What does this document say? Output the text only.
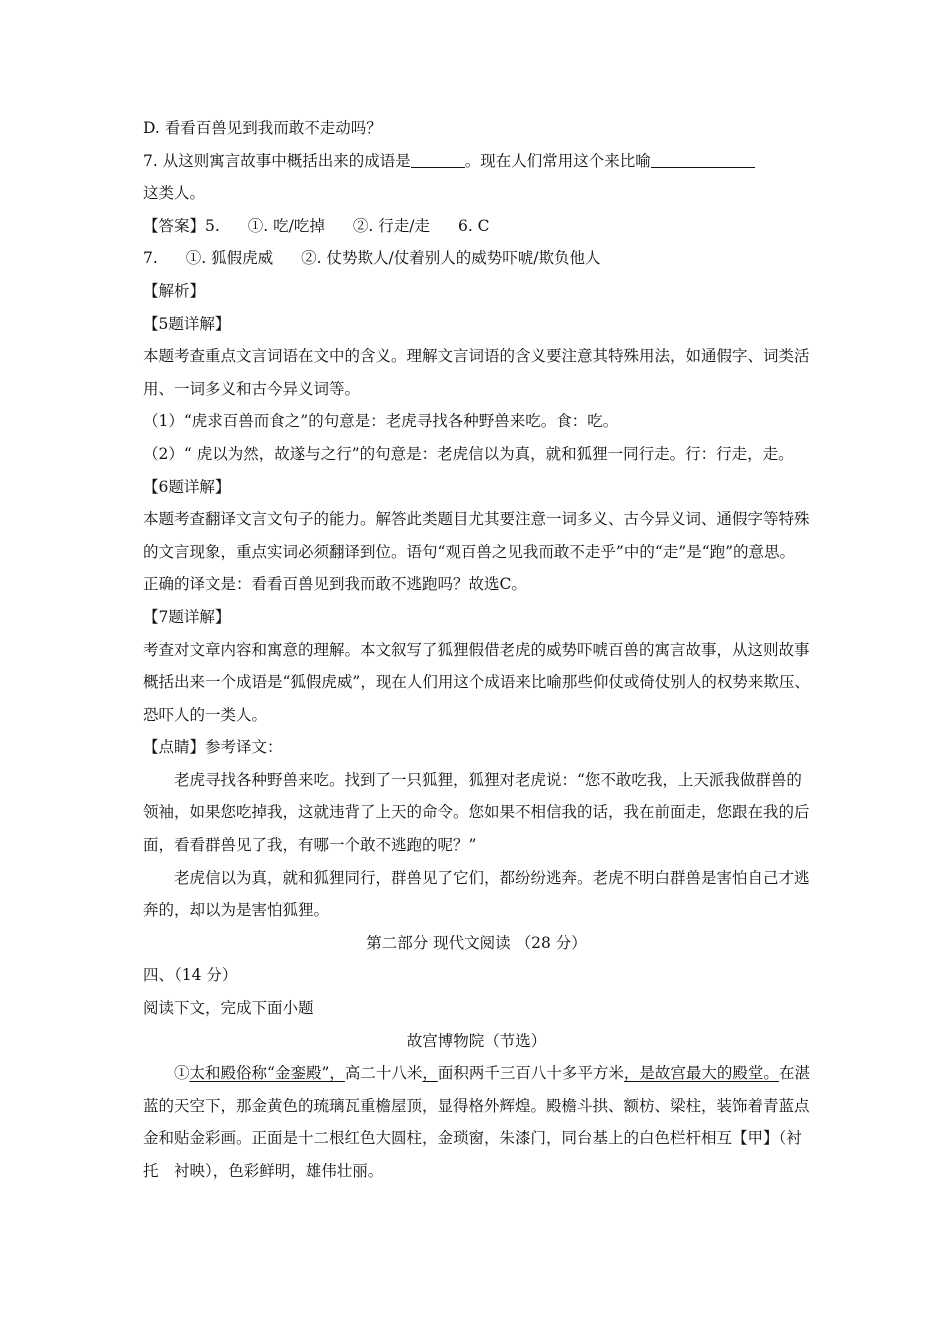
D. 看看百兽见到我而敢不走动吗？

7. 从这则寓言故事中概括出来的成语是	。现在人们常用这个来比喻

这类人。

【答案】5. ①. 吃/吃掉 ②. 行走/走 6. C

7. ①. 狐假虎威 ②. 仗势欺人/仗着别人的威势吓唬/欺负他人

【解析】

【5题详解】

本题考查重点文言词语在文中的含义。理解文言词语的含义要注意其特殊用法，如通假字、词类活用、一词多义和古今异义词等。

（1）“虎求百兽而食之”的句意是：老虎寻找各种野兽来吃。食：吃。

（2）“ 虎以为然，故遂与之行”的句意是：老虎信以为真，就和狐狸一同行走。行：行走，走。

【6题详解】

本题考查翻译文言文句子的能力。解答此类题目尤其要注意一词多义、古今异义词、通假字等特殊的文言现象，重点实词必须翻译到位。语句“观百兽之见我而敢不走乎”中的“走”是“跑”的意思。正确的译文是：看看百兽见到我而敢不逃跑吗？故选C。

【7题详解】

考查对文章内容和寓意的理解。本文叙写了狐狸假借老虎的威势吓唬百兽的寓言故事，从这则故事概括出来一个成语是“狐假虎威”，现在人们用这个成语来比喻那些仰仗或倚仗别人的权势来欺压、恐吓人的一类人。

【点睛】参考译文：

老虎寻找各种野兽来吃。找到了一只狐狸，狐狸对老虎说：“您不敢吃我，上天派我做群兽的领袖，如果您吃掉我，这就违背了上天的命令。您如果不相信我的话，我在前面走，您跟在我的后面，看看群兽见了我，有哪一个敢不逃跑的呢？”

老虎信以为真，就和狐狸同行，群兽见了它们，都纷纷逃奔。老虎不明白群兽是害怕自己才逃奔的，却以为是害怕狐狸。

第二部分 现代文阅读 （28 分）

四、（14 分）

阅读下文，完成下面小题

故宫博物院（节选）

①太和殿俗称“金銮殿”，高二十八米，面积两千三百八十多平方米，是故宫最大的殿堂。在湛蓝的天空下，那金黄色的琉璃瓦重檐屋顶，显得格外辉煌。殿檐斗拱、额枋、梁柱，装饰着青蓝点金和贴金彩画。正面是十二根红色大圆柱，金琐窗，朱漆门，同台基上的白色栏杆相互【甲】（衬托　衬映），色彩鲜明，雄伟壮丽。
